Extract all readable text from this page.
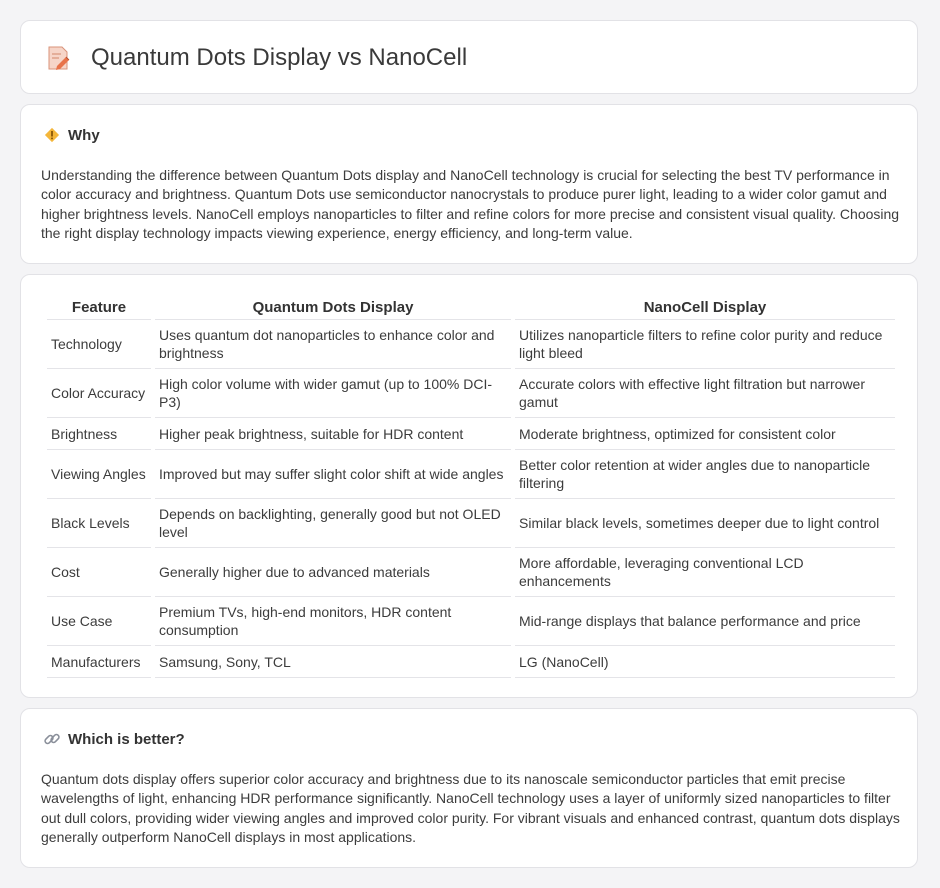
Quantum Dots Display vs NanoCell
Why

Understanding the difference between Quantum Dots display and NanoCell technology is crucial for selecting the best TV performance in color accuracy and brightness. Quantum Dots use semiconductor nanocrystals to produce purer light, leading to a wider color gamut and higher brightness levels. NanoCell employs nanoparticles to filter and refine colors for more precise and consistent visual quality. Choosing the right display technology impacts viewing experience, energy efficiency, and long-term value.

Feature	Quantum Dots Display	NanoCell Display
Technology	Uses quantum dot nanoparticles to enhance color and brightness	Utilizes nanoparticle filters to refine color purity and reduce light bleed
Color Accuracy	High color volume with wider gamut (up to 100% DCI-P3)	Accurate colors with effective light filtration but narrower gamut
Brightness	Higher peak brightness, suitable for HDR content	Moderate brightness, optimized for consistent color
Viewing Angles	Improved but may suffer slight color shift at wide angles	Better color retention at wider angles due to nanoparticle filtering
Black Levels	Depends on backlighting, generally good but not OLED level	Similar black levels, sometimes deeper due to light control
Cost	Generally higher due to advanced materials	More affordable, leveraging conventional LCD enhancements
Use Case	Premium TVs, high-end monitors, HDR content consumption	Mid-range displays that balance performance and price
Manufacturers	Samsung, Sony, TCL	LG (NanoCell)
Which is better?

Quantum dots display offers superior color accuracy and brightness due to its nanoscale semiconductor particles that emit precise wavelengths of light, enhancing HDR performance significantly. NanoCell technology uses a layer of uniformly sized nanoparticles to filter out dull colors, providing wider viewing angles and improved color purity. For vibrant visuals and enhanced contrast, quantum dots displays generally outperform NanoCell displays in most applications.
